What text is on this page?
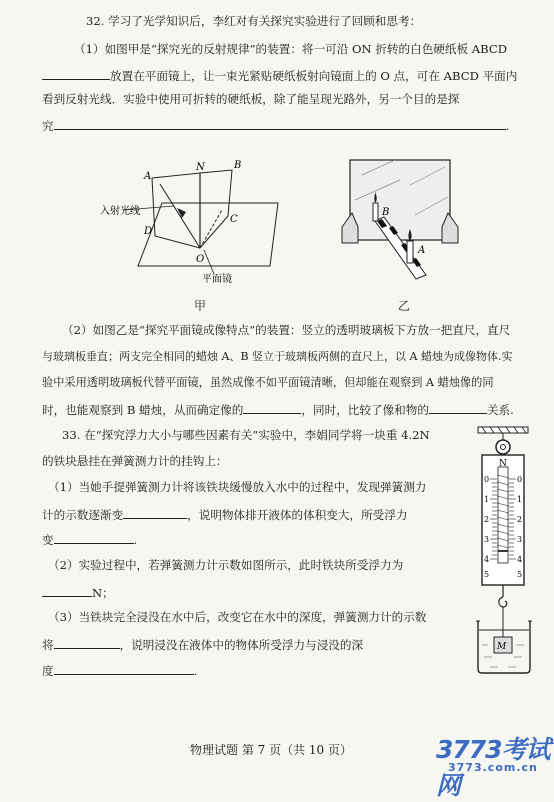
32. 学习了光学知识后，李红对有关探究实验进行了回顾和思考：
（1）如图甲是“探究光的反射规律”的装置：将一可沿 ON 折转的白色硬纸板 ABCD
放置在平面镜上，让一束光紧贴硬纸板射向镜面上的 O 点，可在 ABCD 平面内
看到反射光线．实验中使用可折转的硬纸板，除了能呈现光路外，另一个目的是探
究	.
N	B
A
C
D
O
入射光线
平面镜
B
A
甲	乙
（2）如图乙是“探究平面镜成像特点”的装置：竖立的透明玻璃板下方放一把直尺，直尺
与玻璃板垂直；两支完全相同的蜡烛 A、B 竖立于玻璃板两侧的直尺上，以 A 蜡烛为成像物体.实
验中采用透明玻璃板代替平面镜，虽然成像不如平面镜清晰，但却能在观察到 A 蜡烛像的同
时，也能观察到 B 蜡烛，从而确定像的	，同时，比较了像和物的	关系.
33. 在“探究浮力大小与哪些因素有关”实验中，李娟同学将一块重 4.2N
的铁块悬挂在弹簧测力计的挂钩上：
（1）当她手提弹簧测力计将该铁块缓慢放入水中的过程中，发现弹簧测力
计的示数逐渐变	，说明物体排开液体的体积变大，所受浮力
变	.
（2）实验过程中，若弹簧测力计示数如图所示，此时铁块所受浮力为
N；
（3）当铁块完全浸没在水中后，改变它在水中的深度，弹簧测力计的示数
将	，说明浸没在液体中的物体所受浮力与浸没的深
度	.
N
0
1
2
3
4
5
0
1
2
3
4
5
M
物理试题 第 7 页（共 10 页）	3773考试网
3773.com.cn
